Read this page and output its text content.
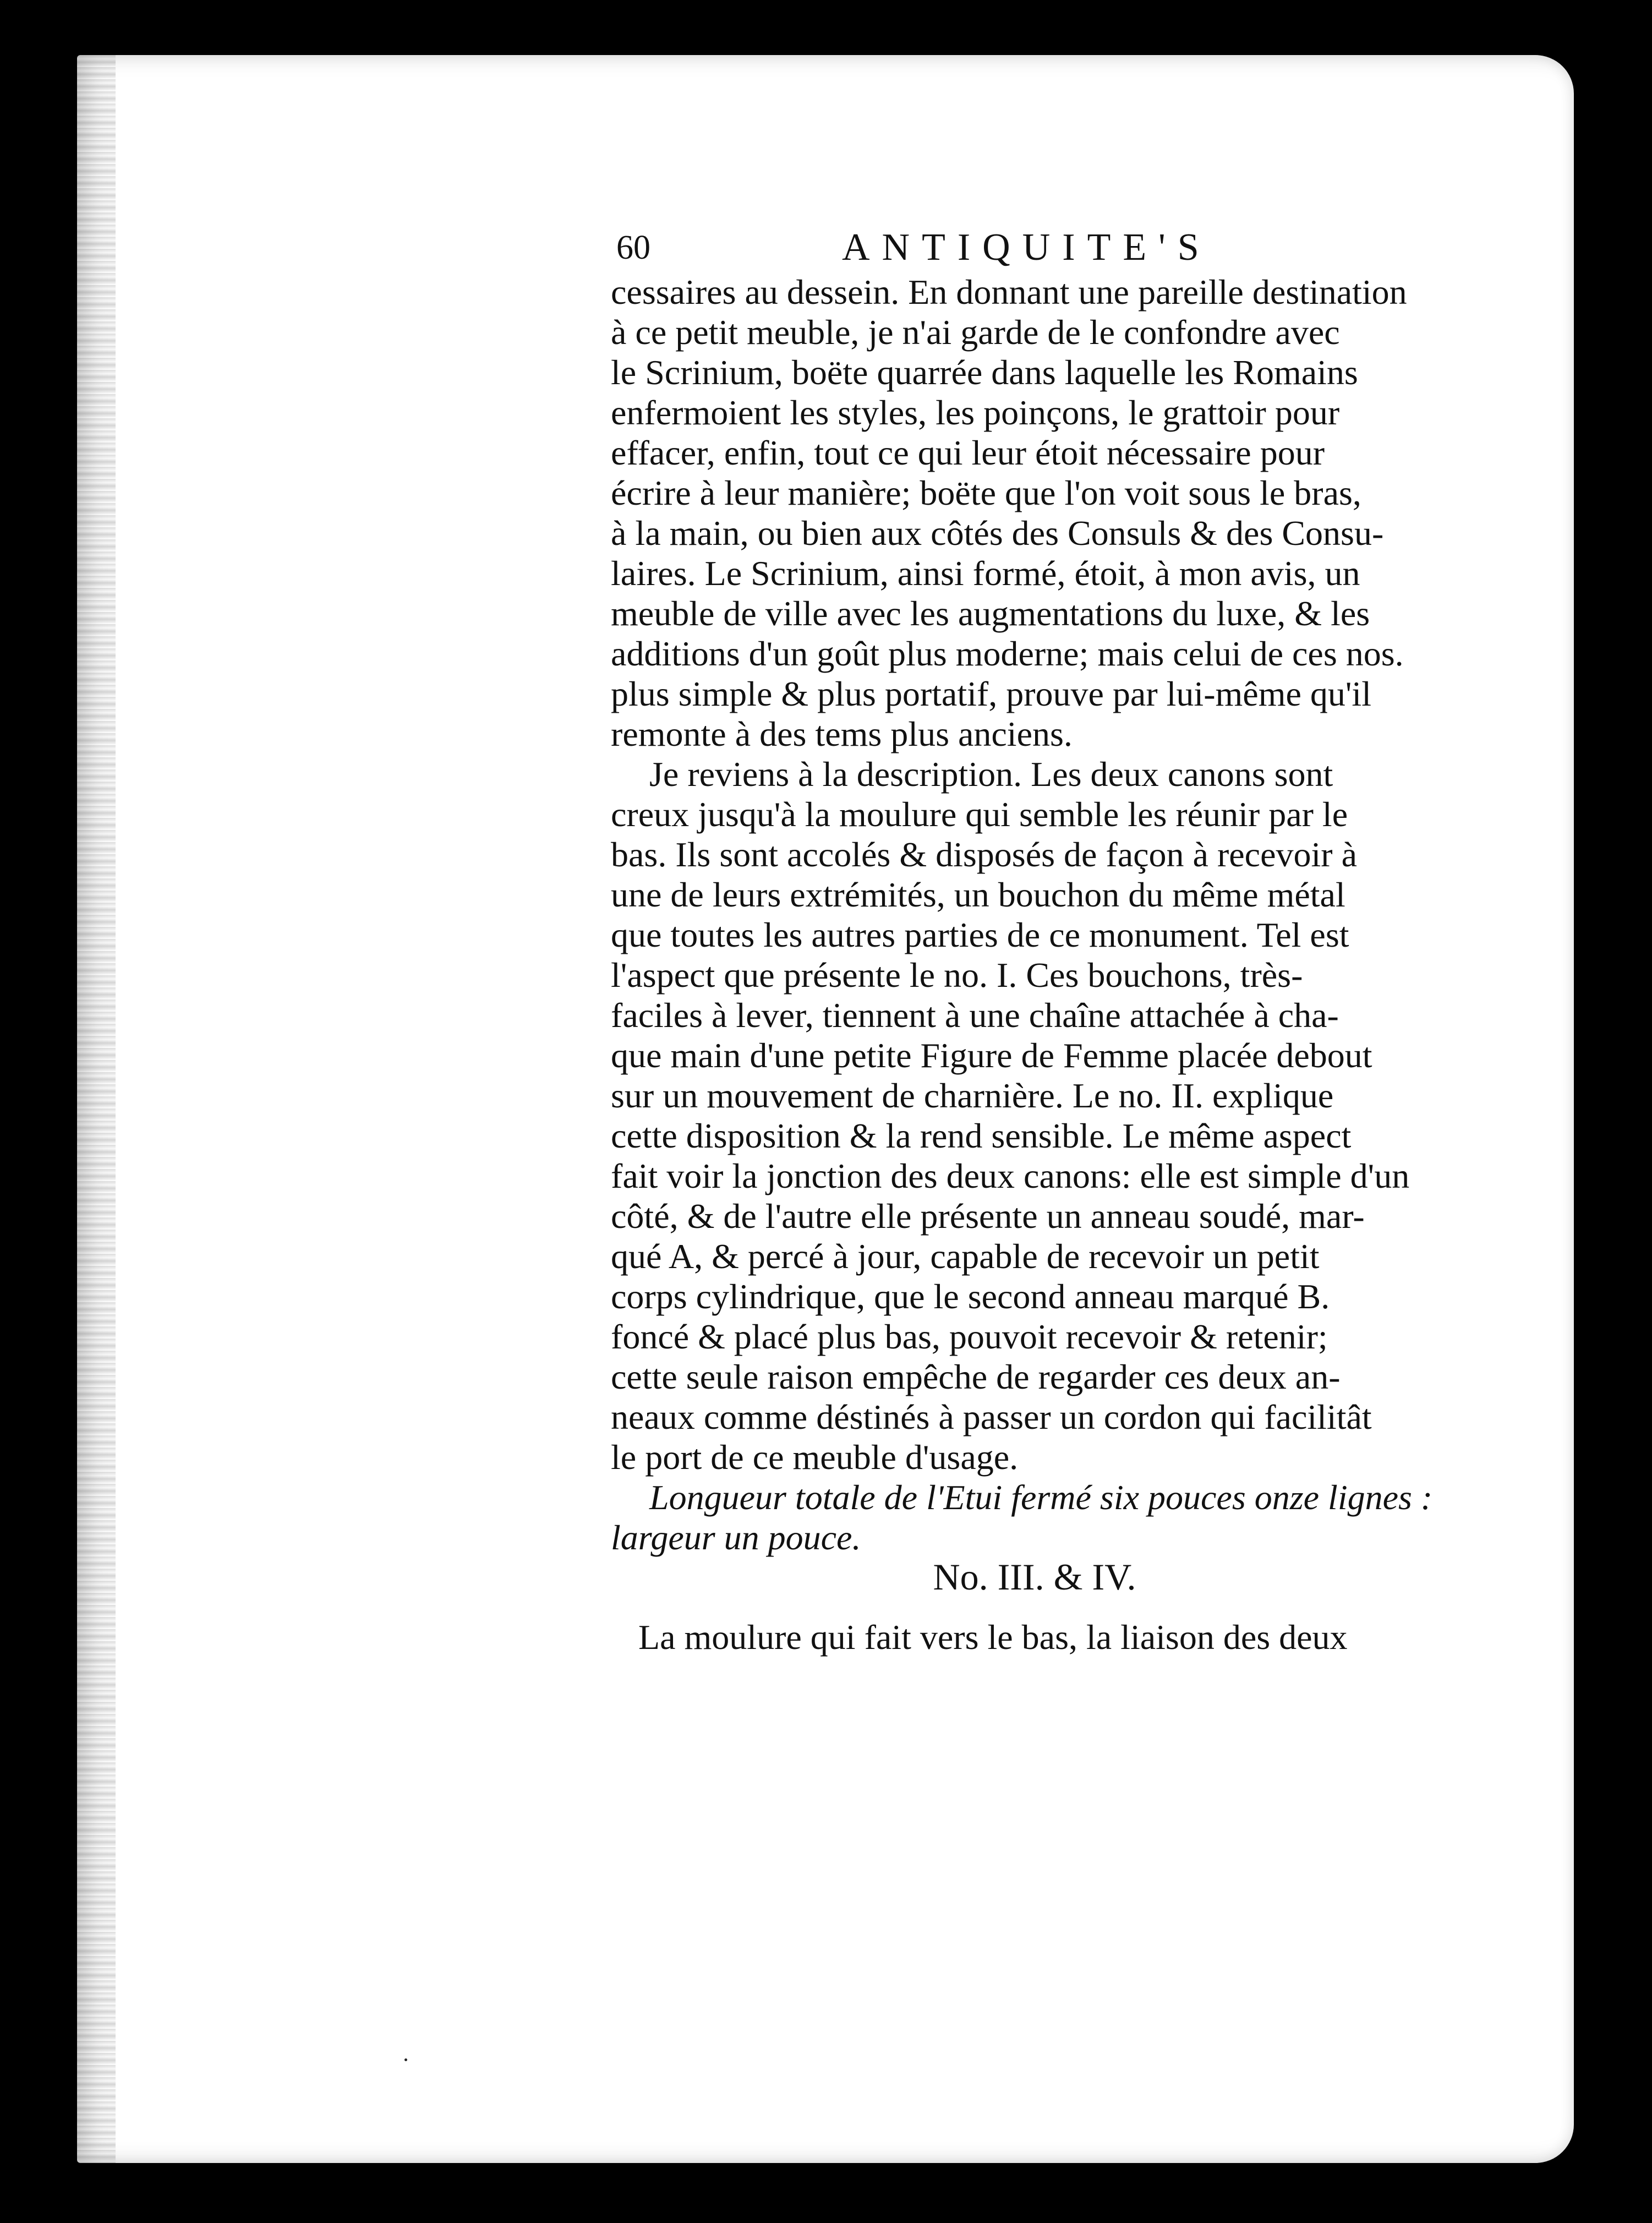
60	ANTIQUITE'S
cessaires au dessein. En donnant une pareille destination
à ce petit meuble, je n'ai garde de le confondre avec
le Scrinium, boëte quarrée dans laquelle les Romains
enfermoient les styles, les poinçons, le grattoir pour
effacer, enfin, tout ce qui leur étoit nécessaire pour
écrire à leur manière; boëte que l'on voit sous le bras,
à la main, ou bien aux côtés des Consuls & des Consu-
laires. Le Scrinium, ainsi formé, étoit, à mon avis, un
meuble de ville avec les augmentations du luxe, & les
additions d'un goût plus moderne; mais celui de ces nos.
plus simple & plus portatif, prouve par lui-même qu'il
remonte à des tems plus anciens.
Je reviens à la description. Les deux canons sont
creux jusqu'à la moulure qui semble les réunir par le
bas. Ils sont accolés & disposés de façon à recevoir à
une de leurs extrémités, un bouchon du même métal
que toutes les autres parties de ce monument. Tel est
l'aspect que présente le no. I. Ces bouchons, très-
faciles à lever, tiennent à une chaîne attachée à cha-
que main d'une petite Figure de Femme placée debout
sur un mouvement de charnière. Le no. II. explique
cette disposition & la rend sensible. Le même aspect
fait voir la jonction des deux canons: elle est simple d'un
côté, & de l'autre elle présente un anneau soudé, mar-
qué A, & percé à jour, capable de recevoir un petit
corps cylindrique, que le second anneau marqué B.
foncé & placé plus bas, pouvoit recevoir & retenir;
cette seule raison empêche de regarder ces deux an-
neaux comme déstinés à passer un cordon qui facilitât
le port de ce meuble d'usage.
Longueur totale de l'Etui fermé six pouces onze lignes :
largeur un pouce.
No. III. & IV.
La moulure qui fait vers le bas, la liaison des deux
